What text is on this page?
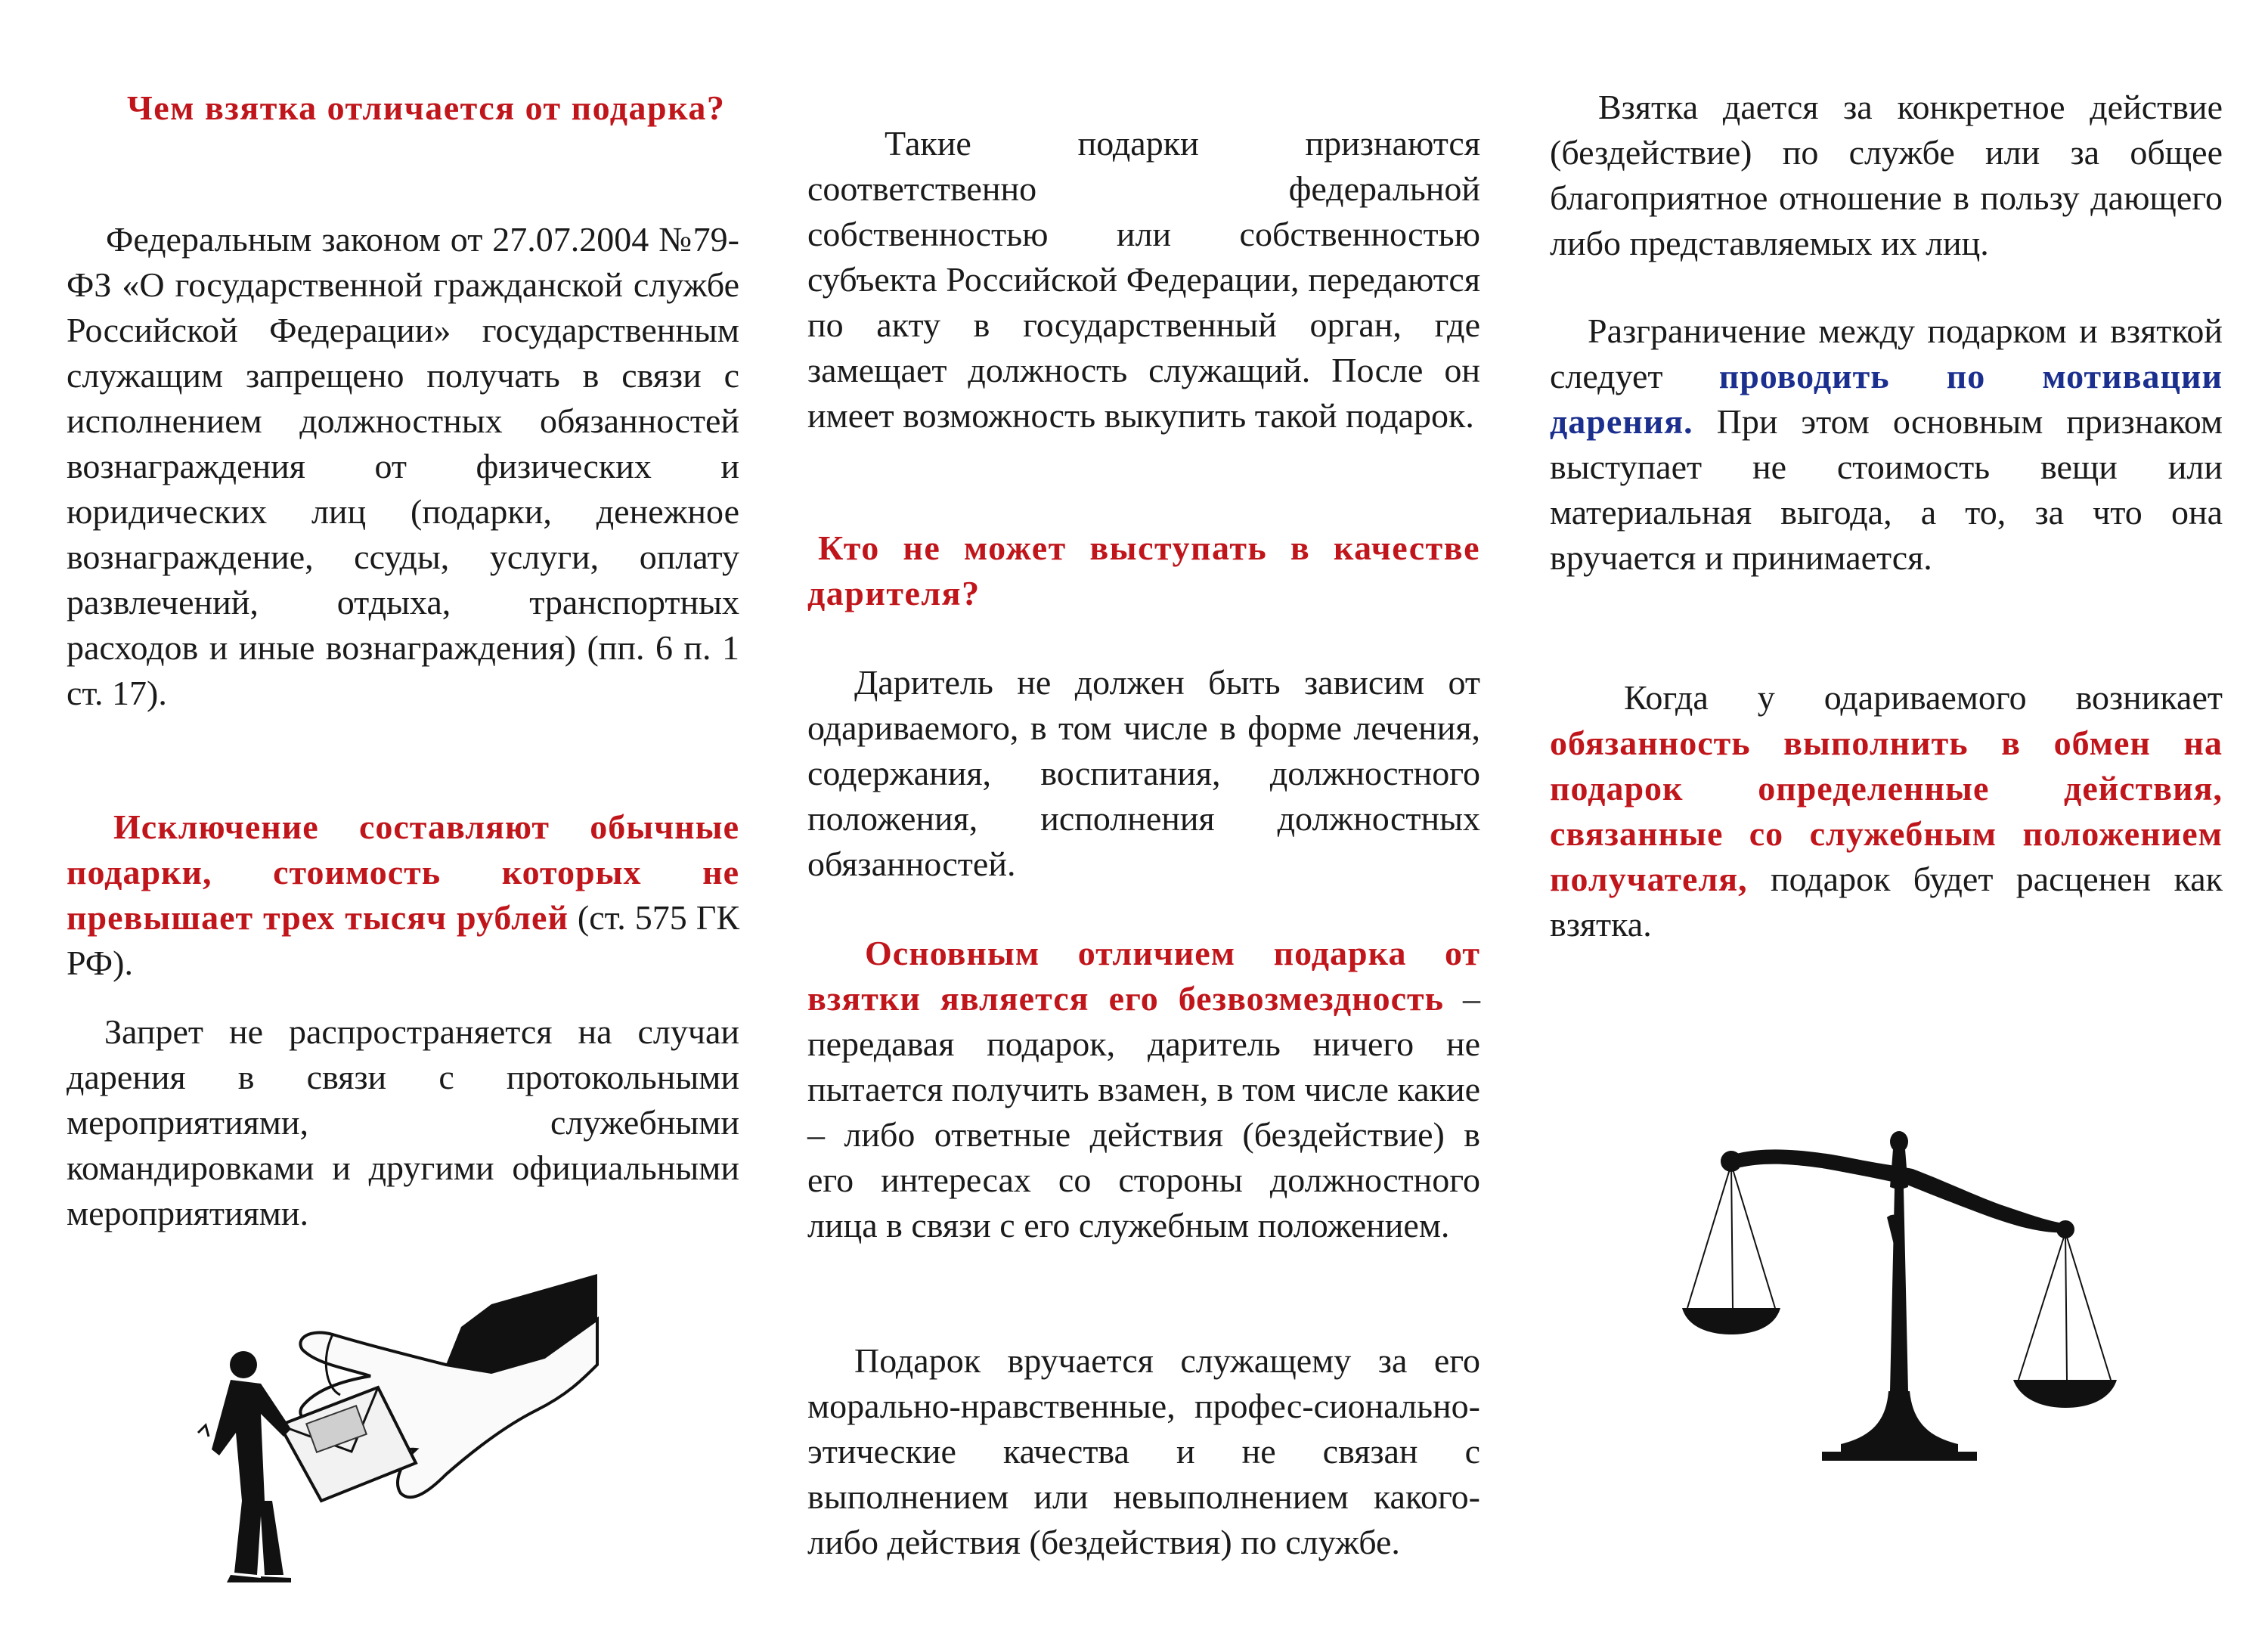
Чем взятка отличается от подарка?

Федеральным законом от 27.07.2004 №79-ФЗ «О государственной гражданской службе Российской Федерации» государственным служащим запрещено получать в связи с исполнением должностных обязанностей вознаграждения от физических и юридических лиц (подарки, денежное вознаграждение, ссуды, услуги, оплату развлечений, отдыха, транспортных расходов и иные вознаграждения) (пп. 6 п. 1 ст. 17).

Исключение составляют обычные подарки, стоимость которых не превышает трех тысяч рублей (ст. 575 ГК РФ).

Запрет не распространяется на случаи дарения в связи с протокольными мероприятиями, служебными командировками и другими официальными мероприятиями.

Такие подарки признаются соответственно федеральной собственностью или собственностью субъекта Российской Федерации, передаются по акту в государственный орган, где замещает должность служащий. После он имеет возможность выкупить такой подарок.

Кто не может выступать в качестве дарителя?

Даритель не должен быть зависим от одариваемого, в том числе в форме лечения, содержания, воспитания, должностного положения, исполнения должностных обязанностей.

Основным отличием подарка от взятки является его безвозмездность – передавая подарок, даритель ничего не пытается получить взамен, в том числе какие – либо ответные действия (бездействие) в его интересах со стороны должностного лица в связи с его служебным положением.

Подарок вручается служащему за его морально-нравственные, профес-сионально-этические качества и не связан с выполнением или невыполнением какого-либо действия (бездействия) по службе.

Взятка дается за конкретное действие (бездействие) по службе или за общее благоприятное отношение в пользу дающего либо представляемых их лиц.

Разграничение между подарком и взяткой следует проводить по мотивации дарения. При этом основным признаком выступает не стоимость вещи или материальная выгода, а то, за что она вручается и принимается.

Когда у одариваемого возникает обязанность выполнить в обмен на подарок определенные действия, связанные со служебным положением получателя, подарок будет расценен как взятка.
